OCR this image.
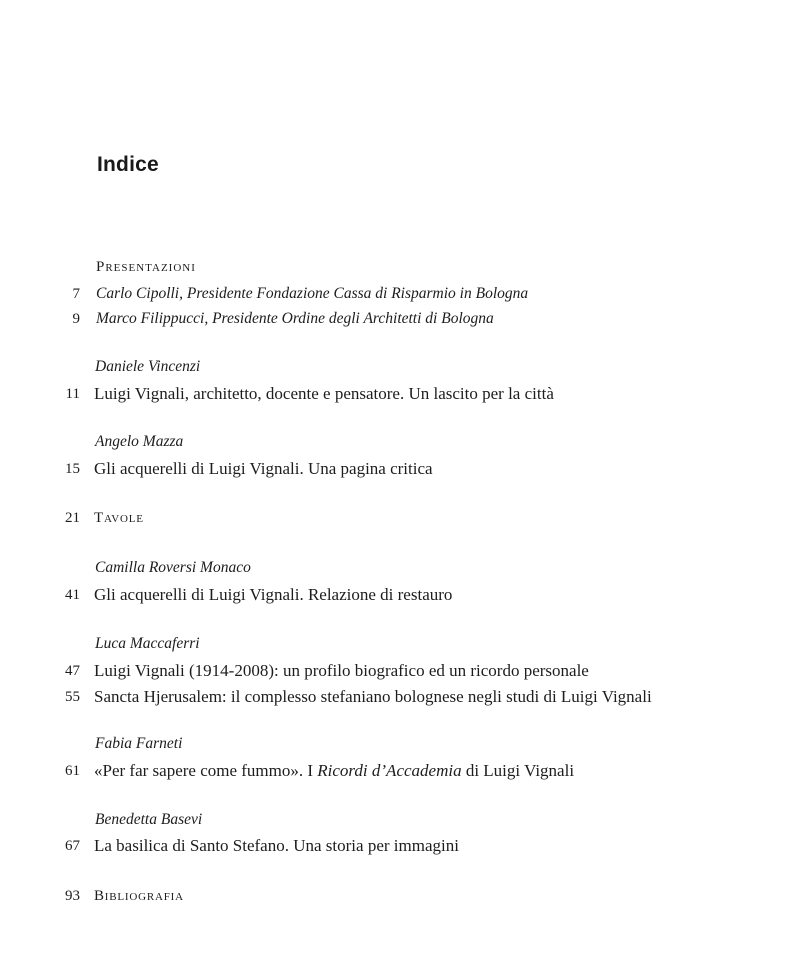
Indice
Presentazioni
7 Carlo Cipolli, Presidente Fondazione Cassa di Risparmio in Bologna
9 Marco Filippucci, Presidente Ordine degli Architetti di Bologna
Daniele Vincenzi
11 Luigi Vignali, architetto, docente e pensatore. Un lascito per la città
Angelo Mazza
15 Gli acquerelli di Luigi Vignali. Una pagina critica
21 Tavole
Camilla Roversi Monaco
41 Gli acquerelli di Luigi Vignali. Relazione di restauro
Luca Maccaferri
47 Luigi Vignali (1914-2008): un profilo biografico ed un ricordo personale
55 Sancta Hjerusalem: il complesso stefaniano bolognese negli studi di Luigi Vignali
Fabia Farneti
61 «Per far sapere come fummo». I Ricordi d’Accademia di Luigi Vignali
Benedetta Basevi
67 La basilica di Santo Stefano. Una storia per immagini
93 Bibliografia
